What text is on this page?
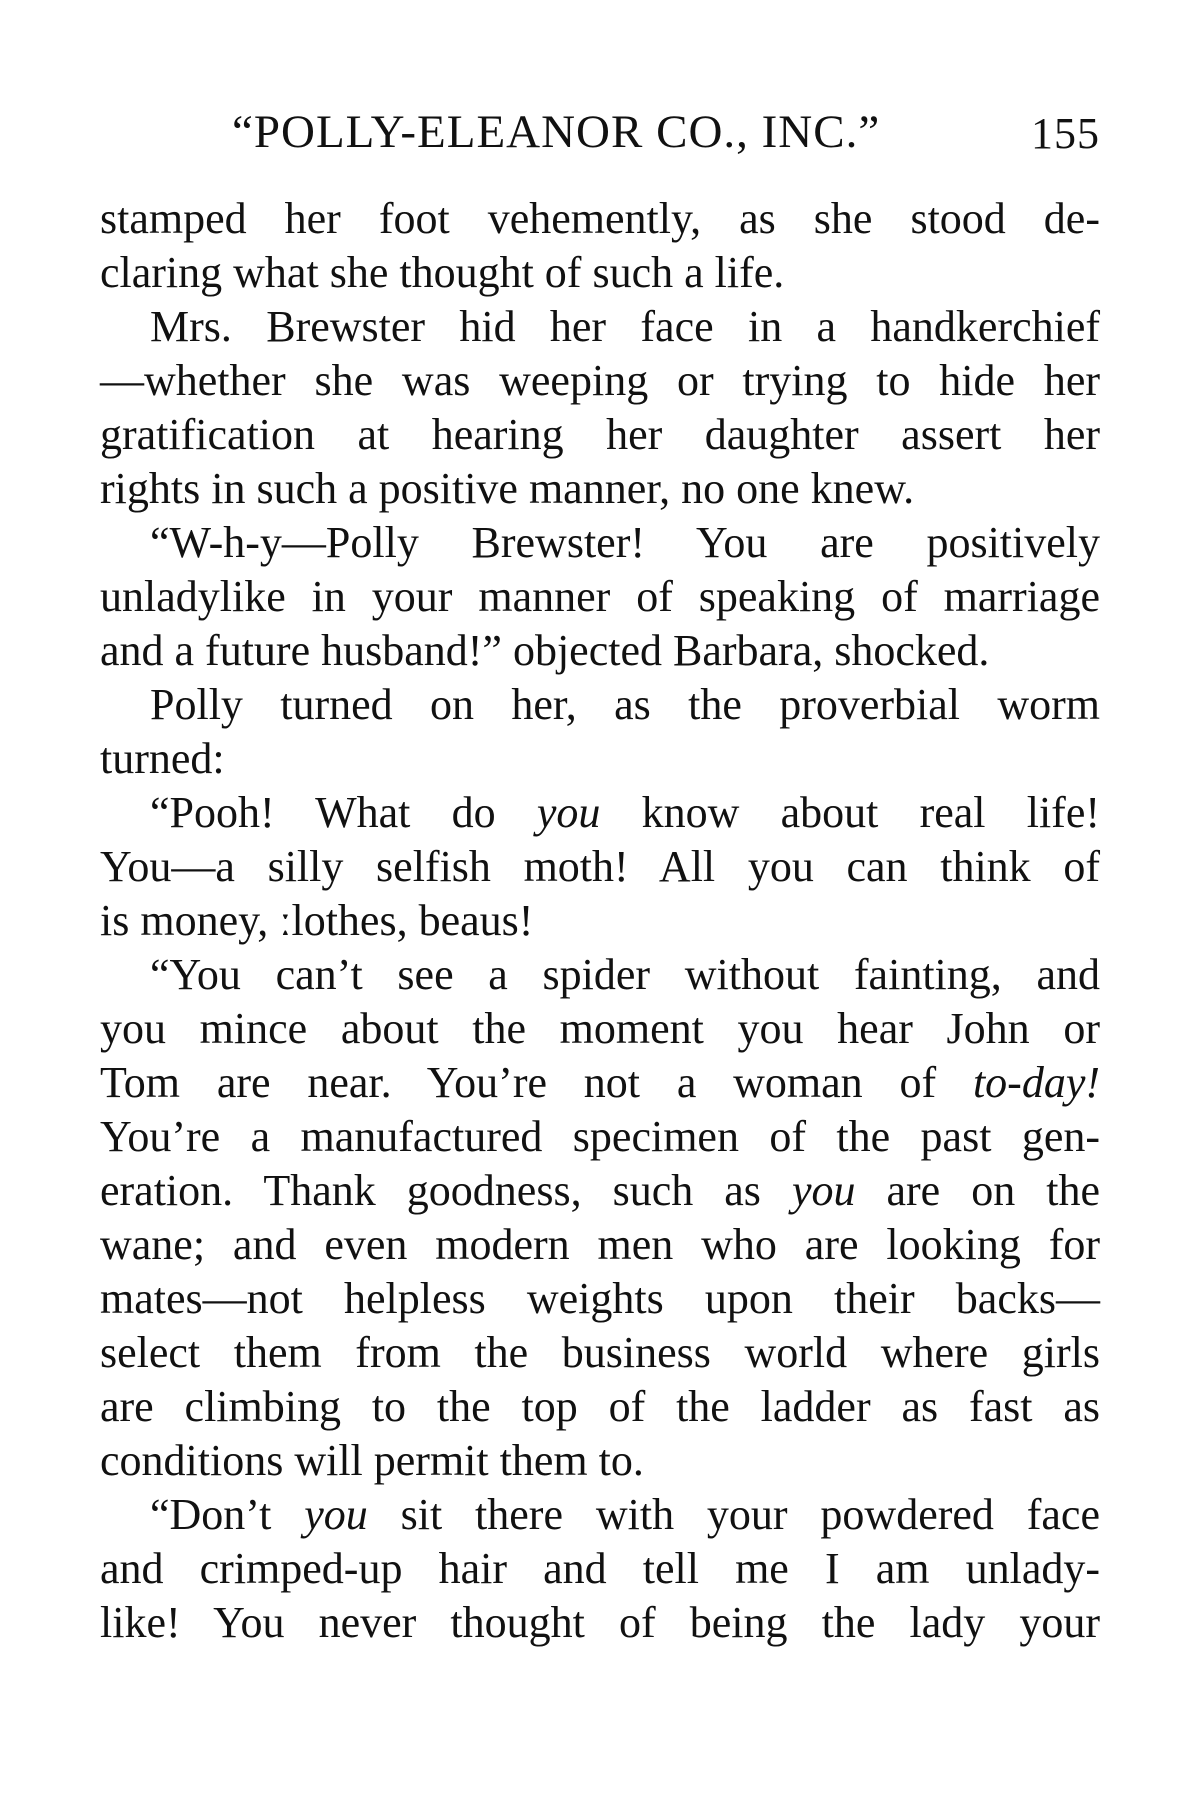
“POLLY-ELEANOR CO., INC.”	155
stamped her foot vehemently, as she stood de-
claring what she thought of such a life.
Mrs. Brewster hid her face in a handkerchief
—whether she was weeping or trying to hide her
gratification at hearing her daughter assert her
rights in such a positive manner, no one knew.
“W-h-y—Polly Brewster! You are positively
unladylike in your manner of speaking of marriage
and a future husband!” objected Barbara, shocked.
Polly turned on her, as the proverbial worm
turned:
“Pooh! What do you know about real life!
You—a silly selfish moth! All you can think of
is money, ːlothes, beaus!
“You can’t see a spider without fainting, and
you mince about the moment you hear John or
Tom are near. You’re not a woman of to-day!
You’re a manufactured specimen of the past gen-
eration. Thank goodness, such as you are on the
wane; and even modern men who are looking for
mates—not helpless weights upon their backs—
select them from the business world where girls
are climbing to the top of the ladder as fast as
conditions will permit them to.
“Don’t you sit there with your powdered face
and crimped-up hair and tell me I am unlady-
like! You never thought of being the lady your
